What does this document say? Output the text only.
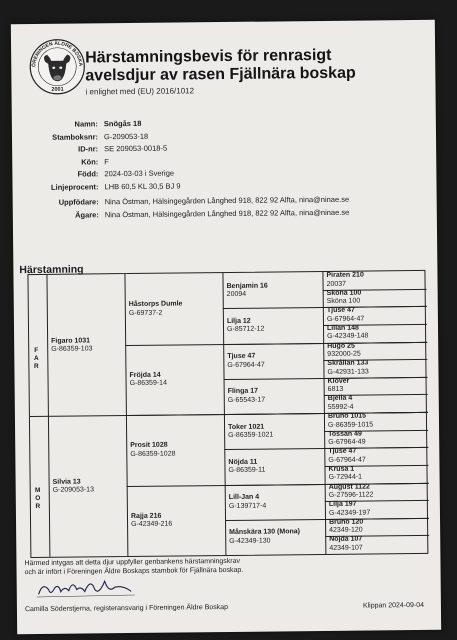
FÖRENINGEN ÄLDRE BOSKAP
2001
Härstamningsbevis för renrasigt
avelsdjur av rasen Fjällnära boskap
i enlighet med (EU) 2016/1012
Namn: Snögås 18
Stamboksnr: G-209053-18
ID-nr: SE 209053-0018-5
Kön: F
Född: 2024-03-03 i Sverige
Linjeprocent: LHB 60,5 KL 30,5 BJ 9
Uppfödare: Nina Östman, Hälsingegården Långhed 918, 822 92 Alfta, nina@ninae.se
Ägare: Nina Östman, Hälsingegården Långhed 918, 822 92 Alfta, nina@ninae.se
Härstamning
F A R
M O R
Figaro 1031
G-86359-103
Silvia 13
G-209053-13
Håstorps Dumle
G-69737-2
Fröjda 14
G-86359-14
Prosit 1028
G-86359-1028
Rajja 216
G-42349-216
Benjamin 16
20094
Lilja 12
G-85712-12
Tjuse 47
G-67964-47
Flinga 17
G-65543-17
Toker 1021
G-86359-1021
Nöjda 11
G-86359-11
Lill-Jan 4
G-139717-4
Månskära 130 (Mona)
G-42349-130
Piraten 210
20037
Sköna 100
Sköna 100
Tjuse 47
G-67964-47
Lillan 148
G-42349-148
Hugo 25
932000-25
Skrållan 133
G-42931-133
Klöver
6813
Bjella 4
55992-4
Bruno 1015
G-86359-1015
Tossan 49
G-67964-49
Tjuse 47
G-67964-47
Krusa 1
G-72944-1
August 1122
G-27596-1122
Lilja 197
G-42349-197
Bruno 120
42349-120
Nöjda 107
42349-107
Härmed intygas att detta djur uppfyller genbankens härstamningskrav
och är infört i Föreningen Äldre Boskaps stambok för Fjällnära boskap.
Camilla Söderstjerna, registeransvarig i Föreningen Äldre Boskap	Klippan 2024-09-04
